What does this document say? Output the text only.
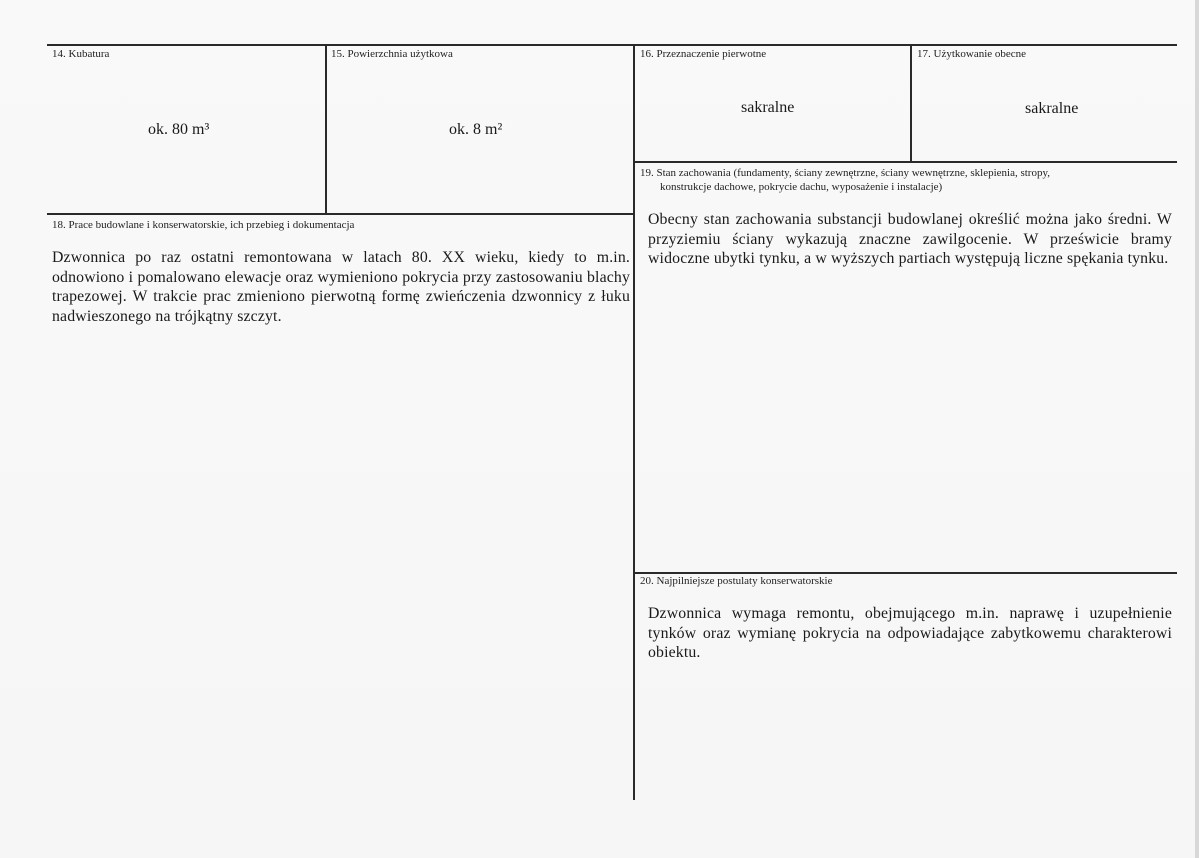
14. Kubatura
ok. 80 m³
15. Powierzchnia użytkowa
ok. 8 m²
16. Przeznaczenie pierwotne
sakralne
17. Użytkowanie obecne
sakralne
18. Prace budowlane i konserwatorskie, ich przebieg i dokumentacja
Dzwonnica po raz ostatni remontowana w latach 80. XX wieku, kiedy to m.in. odnowiono i pomalowano elewacje oraz wymieniono pokrycia przy zastosowaniu blachy trapezowej. W trakcie prac zmieniono pierwotną formę zwieńczenia dzwonnicy z łuku nadwieszonego na trójkątny szczyt.
19. Stan zachowania (fundamenty, ściany zewnętrzne, ściany wewnętrzne, sklepienia, stropy,
konstrukcje dachowe, pokrycie dachu, wyposażenie i instalacje)
Obecny stan zachowania substancji budowlanej określić można jako średni. W przyziemiu ściany wykazują znaczne zawilgocenie. W prześwicie bramy widoczne ubytki tynku, a w wyższych partiach występują liczne spękania tynku.
20. Najpilniejsze postulaty konserwatorskie
Dzwonnica wymaga remontu, obejmującego m.in. naprawę i uzupełnienie tynków oraz wymianę pokrycia na odpowiadające zabytkowemu charakterowi obiektu.
